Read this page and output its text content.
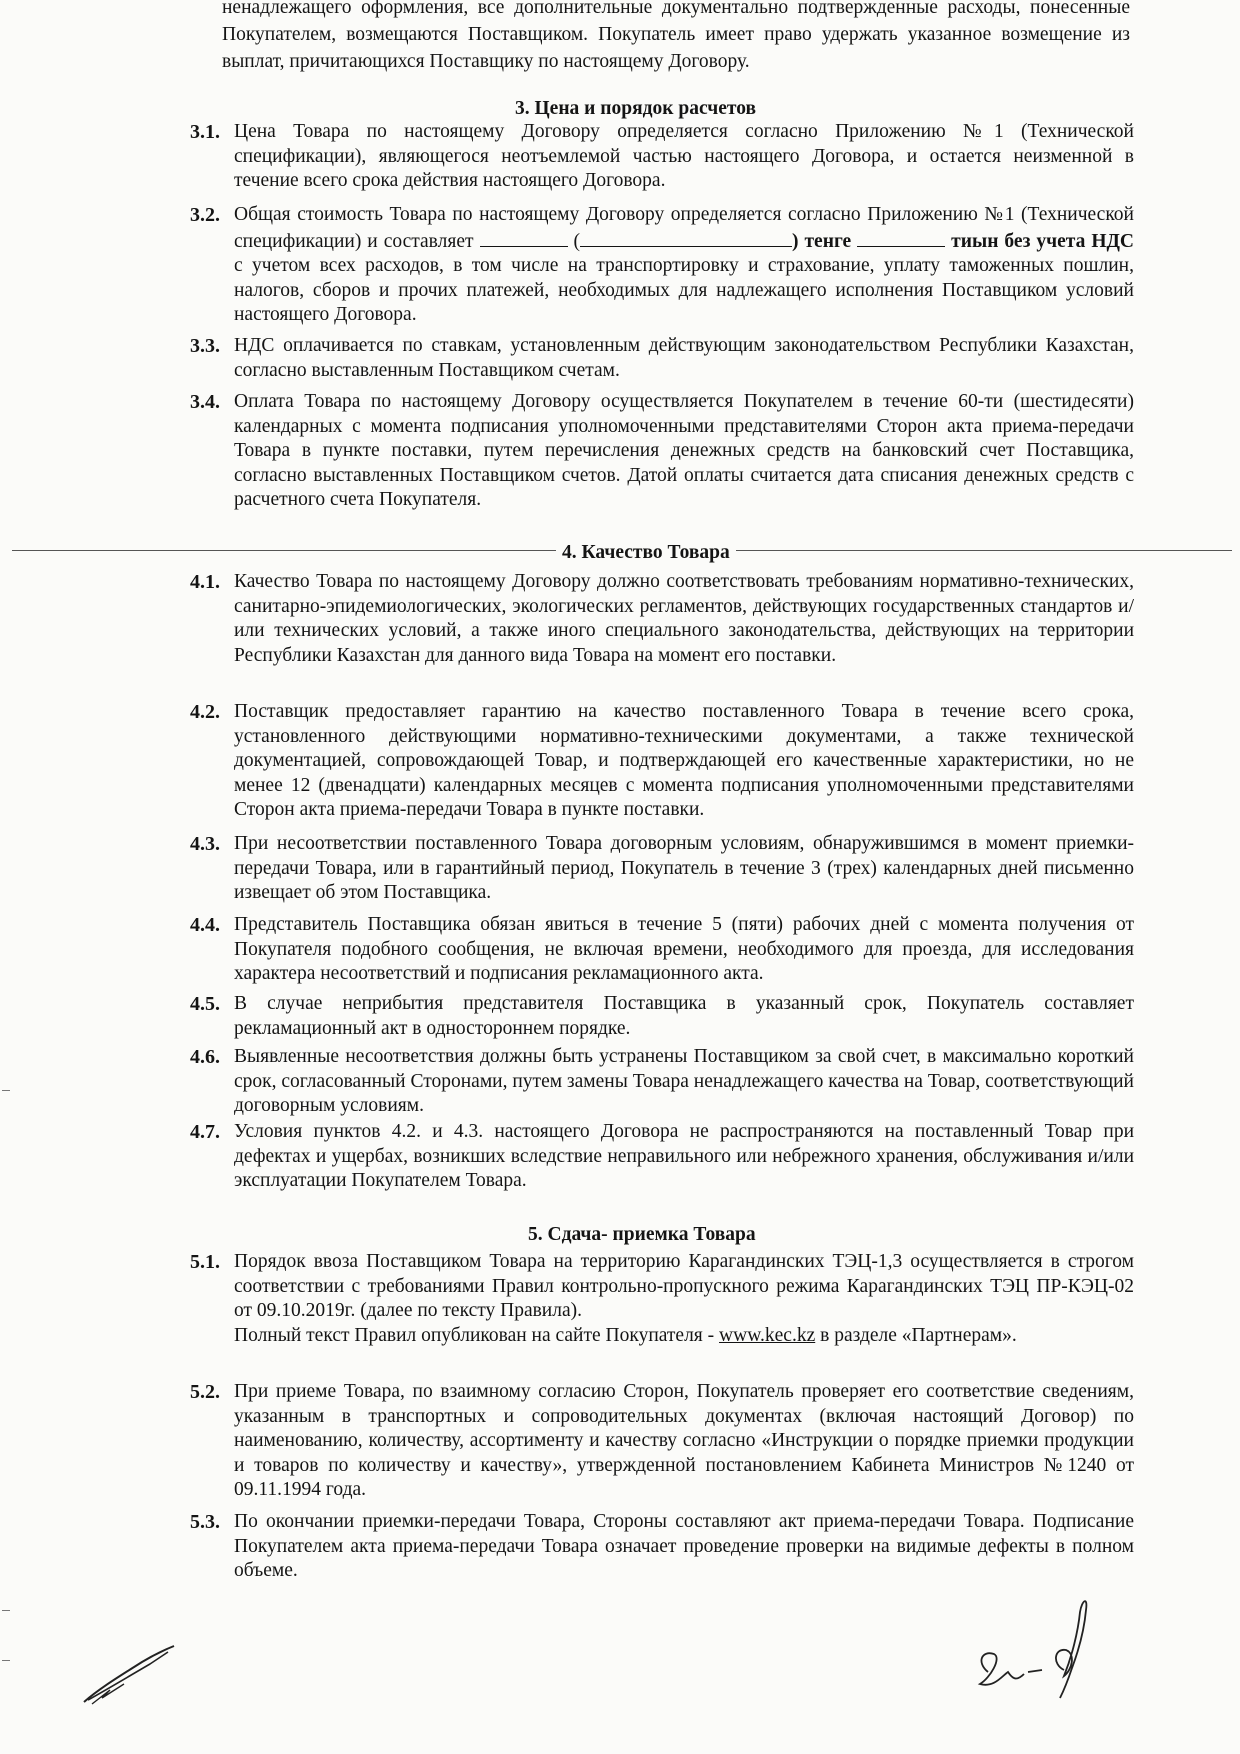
ненадлежащего оформления, все дополнительные документально подтвержденные расходы, понесенные Покупателем, возмещаются Поставщиком. Покупатель имеет право удержать указанное возмещение из выплат, причитающихся Поставщику по настоящему Договору.
3. Цена и порядок расчетов
3.1. Цена Товара по настоящему Договору определяется согласно Приложению №1 (Технической спецификации), являющегося неотъемлемой частью настоящего Договора, и остается неизменной в течение всего срока действия настоящего Договора.
3.2. Общая стоимость Товара по настоящему Договору определяется согласно Приложению №1 (Технической спецификации) и составляет	(	) тенге	тиын без учета НДС с учетом всех расходов, в том числе на транспортировку и страхование, уплату таможенных пошлин, налогов, сборов и прочих платежей, необходимых для надлежащего исполнения Поставщиком условий настоящего Договора.
3.3. НДС оплачивается по ставкам, установленным действующим законодательством Республики Казахстан, согласно выставленным Поставщиком счетам.
3.4. Оплата Товара по настоящему Договору осуществляется Покупателем в течение 60-ти (шестидесяти) календарных с момента подписания уполномоченными представителями Сторон акта приема-передачи Товара в пункте поставки, путем перечисления денежных средств на банковский счет Поставщика, согласно выставленных Поставщиком счетов. Датой оплаты считается дата списания денежных средств с расчетного счета Покупателя.
4. Качество Товара
4.1. Качество Товара по настоящему Договору должно соответствовать требованиям нормативно-технических, санитарно-эпидемиологических, экологических регламентов, действующих государственных стандартов и/или технических условий, а также иного специального законодательства, действующих на территории Республики Казахстан для данного вида Товара на момент его поставки.
4.2. Поставщик предоставляет гарантию на качество поставленного Товара в течение всего срока, установленного действующими нормативно-техническими документами, а также технической документацией, сопровождающей Товар, и подтверждающей его качественные характеристики, но не менее 12 (двенадцати) календарных месяцев с момента подписания уполномоченными представителями Сторон акта приема-передачи Товара в пункте поставки.
4.3. При несоответствии поставленного Товара договорным условиям, обнаружившимся в момент приемки-передачи Товара, или в гарантийный период, Покупатель в течение 3 (трех) календарных дней письменно извещает об этом Поставщика.
4.4. Представитель Поставщика обязан явиться в течение 5 (пяти) рабочих дней с момента получения от Покупателя подобного сообщения, не включая времени, необходимого для проезда, для исследования характера несоответствий и подписания рекламационного акта.
4.5. В случае неприбытия представителя Поставщика в указанный срок, Покупатель составляет рекламационный акт в одностороннем порядке.
4.6. Выявленные несоответствия должны быть устранены Поставщиком за свой счет, в максимально короткий срок, согласованный Сторонами, путем замены Товара ненадлежащего качества на Товар, соответствующий договорным условиям.
4.7. Условия пунктов 4.2. и 4.3. настоящего Договора не распространяются на поставленный Товар при дефектах и ущербах, возникших вследствие неправильного или небрежного хранения, обслуживания и/или эксплуатации Покупателем Товара.
5. Сдача- приемка Товара
5.1. Порядок ввоза Поставщиком Товара на территорию Карагандинских ТЭЦ-1,3 осуществляется в строгом соответствии с требованиями Правил контрольно-пропускного режима Карагандинских ТЭЦ ПР-КЭЦ-02 от 09.10.2019г. (далее по тексту Правила).
Полный текст Правил опубликован на сайте Покупателя - www.kec.kz в разделе «Партнерам».
5.2. При приеме Товара, по взаимному согласию Сторон, Покупатель проверяет его соответствие сведениям, указанным в транспортных и сопроводительных документах (включая настоящий Договор) по наименованию, количеству, ассортименту и качеству согласно «Инструкции о порядке приемки продукции и товаров по количеству и качеству», утвержденной постановлением Кабинета Министров №1240 от 09.11.1994 года.
5.3. По окончании приемки-передачи Товара, Стороны составляют акт приема-передачи Товара. Подписание Покупателем акта приема-передачи Товара означает проведение проверки на видимые дефекты в полном объеме.
